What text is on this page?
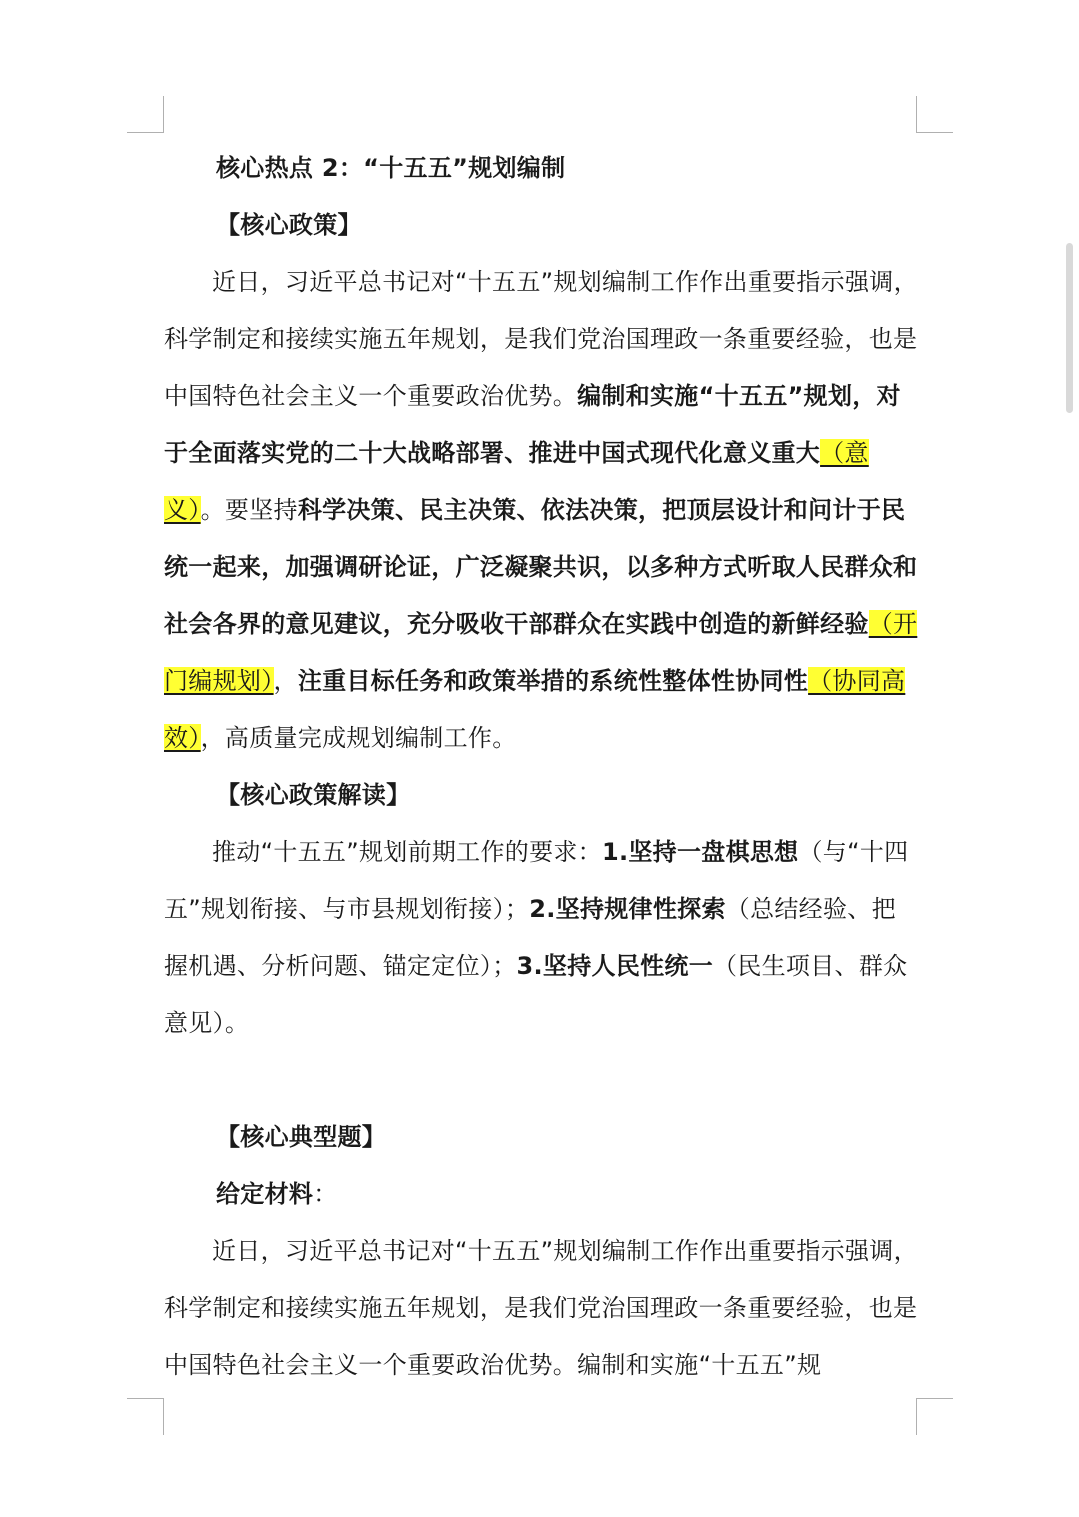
核心热点 2：“十五五”规划编制

【核心政策】

近日，习近平总书记对“十五五”规划编制工作作出重要指示强调，科学制定和接续实施五年规划，是我们党治国理政一条重要经验，也是中国特色社会主义一个重要政治优势。编制和实施“十五五”规划，对于全面落实党的二十大战略部署、推进中国式现代化意义重大（意义）。要坚持科学决策、民主决策、依法决策，把顶层设计和问计于民统一起来，加强调研论证，广泛凝聚共识，以多种方式听取人民群众和社会各界的意见建议，充分吸收干部群众在实践中创造的新鲜经验（开门编规划），注重目标任务和政策举措的系统性整体性协同性（协同高效），高质量完成规划编制工作。

【核心政策解读】

推动“十五五”规划前期工作的要求：1.坚持一盘棋思想（与“十四五”规划衔接、与市县规划衔接）；2.坚持规律性探索（总结经验、把握机遇、分析问题、锚定定位）；3.坚持人民性统一（民生项目、群众意见）。

【核心典型题】

给定材料：

近日，习近平总书记对“十五五”规划编制工作作出重要指示强调，科学制定和接续实施五年规划，是我们党治国理政一条重要经验，也是中国特色社会主义一个重要政治优势。编制和实施“十五五”规
